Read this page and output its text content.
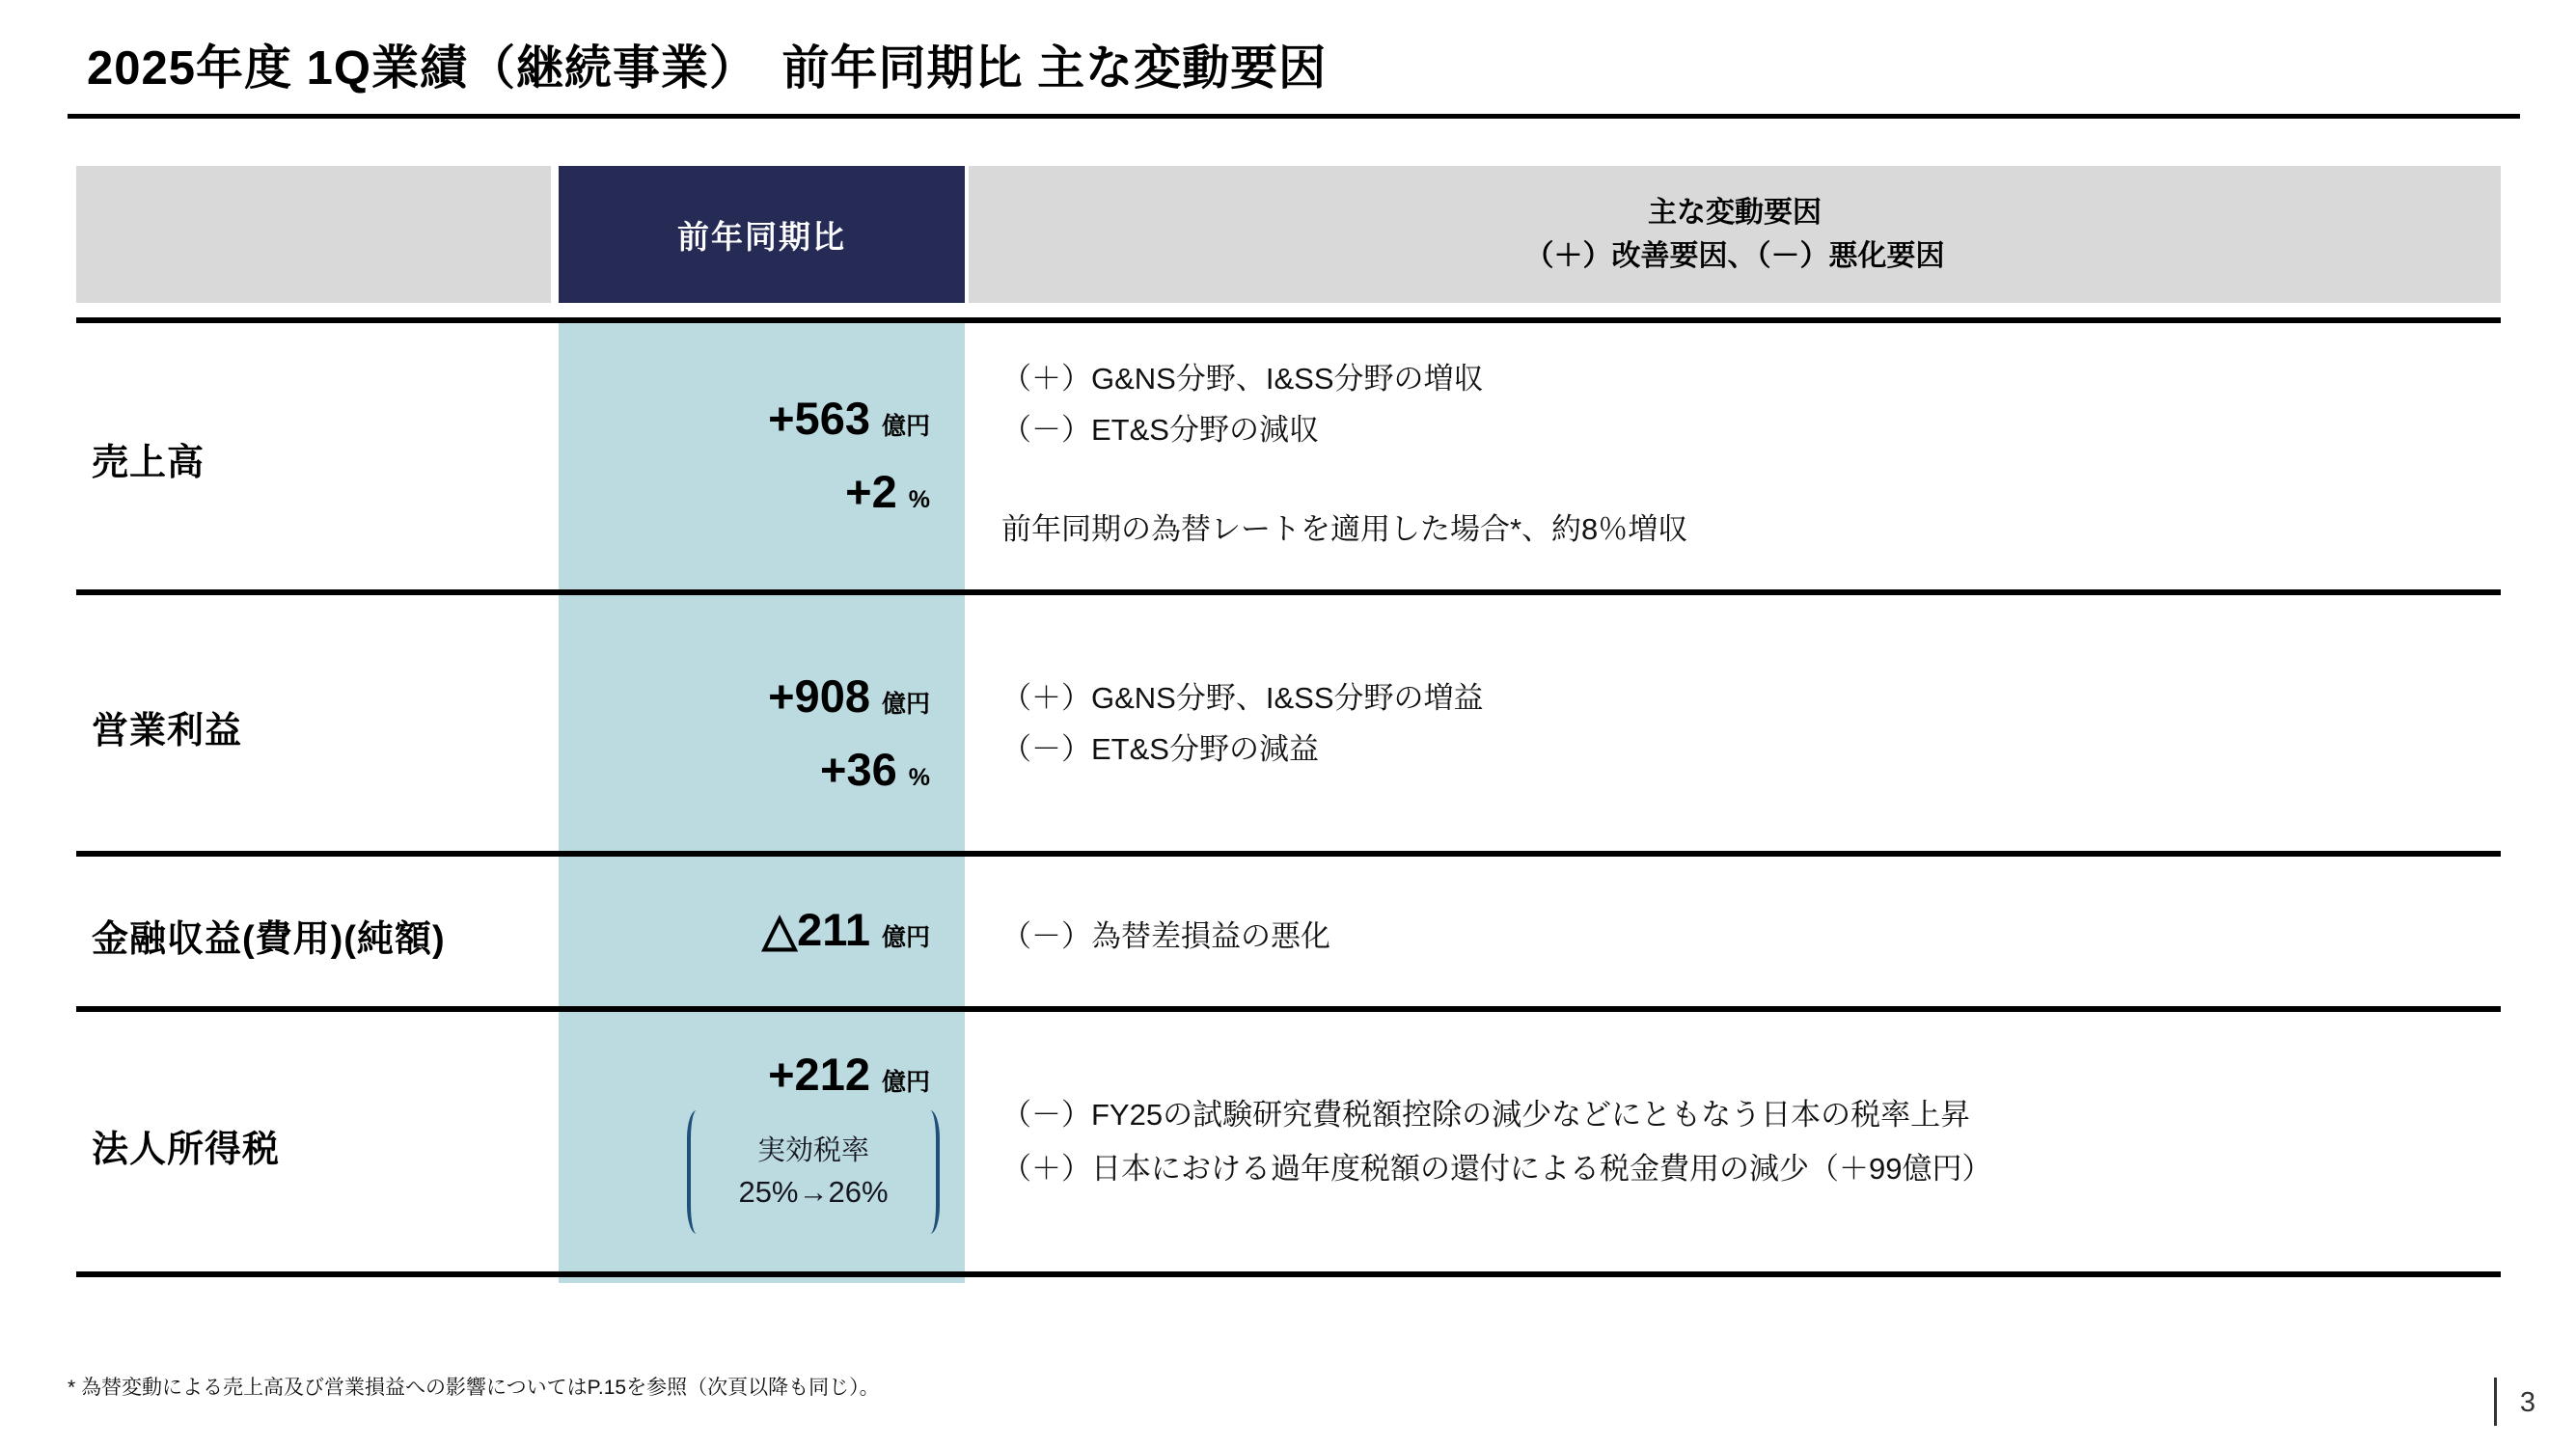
2025年度 1Q業績（継続事業）　前年同期比 主な変動要因
前年同期比
主な変動要因
（＋）改善要因、（－）悪化要因
売上高
+563 億円
+2 %
（＋）G&NS分野、I&SS分野の増収
（－）ET&S分野の減収
前年同期の為替レートを適用した場合*、約8％増収
営業利益
+908 億円
+36 %
（＋）G&NS分野、I&SS分野の増益
（－）ET&S分野の減益
金融収益(費用)(純額)	△211 億円 （－）為替差損益の悪化
法人所得税
+212 億円
実効税率
25%→26%
（－）FY25の試験研究費税額控除の減少などにともなう日本の税率上昇
（＋）日本における過年度税額の還付による税金費用の減少（＋99億円）
* 為替変動による売上高及び営業損益への影響についてはP.15を参照（次頁以降も同じ）。	3
